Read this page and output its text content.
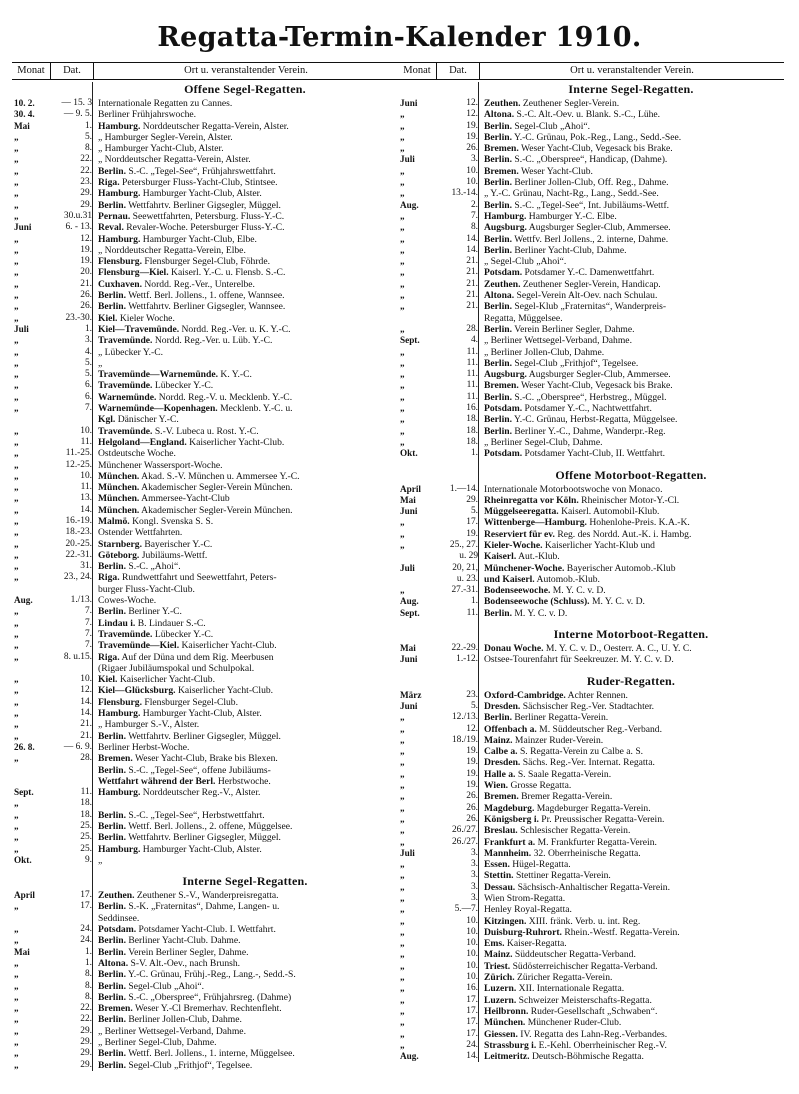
Regatta-Termin-Kalender 1910.
Monat	Dat.	Ort u. veranstaltender Verein.
Offene Segel-Regatten.
10. 2.	— 15. 3 Internationale Regatten zu Cannes.
30. 4.	— 9. 5. Berliner Frühjahrswoche.
Mai	1. Hamburg. Norddeutscher Regatta-Verein, Alster.
„	5. „ Hamburger Segler-Verein, Alster.
„	8. „ Hamburger Yacht-Club, Alster.
„	22. „ Norddeutscher Regatta-Verein, Alster.
„	22. Berlin. S.-C. „Tegel-See“, Frühjahrswettfahrt.
„	23. Riga. Petersburger Fluss-Yacht-Club, Stintsee.
„	29. Hamburg. Hamburger Yacht-Club, Alster.
„	29. Berlin. Wettfahrtv. Berliner Gigsegler, Müggel.
„	30.u.31 Pernau. Seewettfahrten, Petersburg. Fluss-Y.-C.
Juni	6. - 13. Reval. Revaler-Woche. Petersburger Fluss-Y.-C.
„	12. Hamburg. Hamburger Yacht-Club, Elbe.
„	19. „ Norddeutscher Regatta-Verein, Elbe.
„	19. Flensburg. Flensburger Segel-Club, Föhrde.
„	20. Flensburg—Kiel. Kaiserl. Y.-C. u. Flensb. S.-C.
„	21. Cuxhaven. Nordd. Reg.-Ver., Unterelbe.
„	26. Berlin. Wettf. Berl. Jollens., 1. offene, Wannsee.
„	26. Berlin. Wettfahrtv. Berliner Gigsegler, Wannsee.
„	23.-30. Kiel. Kieler Woche.
Juli	1. Kiel—Travemünde. Nordd. Reg.-Ver. u. K. Y.-C.
„	3. Travemünde. Nordd. Reg.-Ver. u. Lüb. Y.-C.
„	4. „ Lübecker Y.-C.
„	5. „
„	5. Travemünde—Warnemünde. K. Y.-C.
„	6. Travemünde. Lübecker Y.-C.
„	6. Warnemünde. Nordd. Reg.-V. u. Mecklenb. Y.-C.
„	7. Warnemünde—Kopenhagen. Mecklenb. Y.-C. u.
Kgl. Dänischer Y.-C.
„	10. Travemünde. S.-V. Lubeca u. Rost. Y.-C.
„	11. Helgoland—England. Kaiserlicher Yacht-Club.
„	11.-25. Ostdeutsche Woche.
„	12.-25. Münchener Wassersport-Woche.
„	10. München. Akad. S.-V. München u. Ammersee Y.-C.
„	11. München. Akademischer Segler-Verein München.
„	13. München. Ammersee-Yacht-Club
„	14. München. Akademischer Segler-Verein München.
„	16.-19. Malmö. Kongl. Svenska S. S.
„	18.-23. Ostender Wettfahrten.
„	20.-25. Starnberg. Bayerischer Y.-C.
„	22.-31. Göteborg. Jubiläums-Wettf.
„	31. Berlin. S.-C. „Ahoi“.
„	23., 24. Riga. Rundwettfahrt und Seewettfahrt, Peters-
burger Fluss-Yacht-Club.
Aug.	1./13. Cowes-Woche.
„	7. Berlin. Berliner Y.-C.
„	7. Lindau i. B. Lindauer S.-C.
„	7. Travemünde. Lübecker Y.-C.
„	7. Travemünde—Kiel. Kaiserlicher Yacht-Club.
„	8. u.15. Riga. Auf der Düna und dem Rig. Meerbusen
(Rigaer Jubiläumspokal und Schulpokal.
„	10. Kiel. Kaiserlicher Yacht-Club.
„	12. Kiel—Glücksburg. Kaiserlicher Yacht-Club.
„	14. Flensburg. Flensburger Segel-Club.
„	14. Hamburg. Hamburger Yacht-Club, Alster.
„	21. „ Hamburger S.-V., Alster.
„	21. Berlin. Wettfahrtv. Berliner Gigsegler, Müggel.
26. 8.	— 6. 9. Berliner Herbst-Woche.
„	28. Bremen. Weser Yacht-Club, Brake bis Blexen.
Berlin. S.-C. „Tegel-See“, offene Jubiläums-
Wettfahrt während der Berl. Herbstwoche.
Sept.	11. Hamburg. Norddeutscher Reg.-V., Alster.
„	18.
„	18. Berlin. S.-C. „Tegel-See“, Herbstwettfahrt.
„	25. Berlin. Wettf. Berl. Jollens., 2. offene, Müggelsee.
„	25. Berlin. Wettfahrtv. Berliner Gigsegler, Müggel.
„	25. Hamburg. Hamburger Yacht-Club, Alster.
Okt.	9. „
Interne Segel-Regatten.
April	17. Zeuthen. Zeuthener S.-V., Wanderpreisregatta.
„	17. Berlin. S.-K. „Fraternitas“, Dahme, Langen- u.
Seddinsee.
„	24. Potsdam. Potsdamer Yacht-Club. I. Wettfahrt.
„	24. Berlin. Berliner Yacht-Club. Dahme.
Mai	1. Berlin. Verein Berliner Segler, Dahme.
„	1. Altona. S-V. Alt.-Oev., nach Brunsh.
„	8. Berlin. Y.-C. Grünau, Frühj.-Reg., Lang.-, Sedd.-S.
„	8. Berlin. Segel-Club „Ahoi“.
„	8. Berlin. S.-C. „Oberspree“, Frühjahrsreg. (Dahme)
„	22. Bremen. Weser Y.-Cl Bremerhav. Rechtenfleht.
„	22. Berlin. Berliner Jollen-Club, Dahme.
„	29. „ Berliner Wettsegel-Verband, Dahme.
„	29. „ Berliner Segel-Club, Dahme.
„	29. Berlin. Wettf. Berl. Jollens., 1. interne, Müggelsee.
„	29. Berlin. Segel-Club „Frithjof“, Tegelsee.
Monat	Dat.	Ort u. veranstaltender Verein.
Interne Segel-Regatten.
Juni	12. Zeuthen. Zeuthener Segler-Verein.
„	12. Altona. S.-C. Alt.-Oev. u. Blank. S.-C., Lühe.
„	19. Berlin. Segel-Club „Ahoi“.
„	19. Berlin. Y.-C. Grünau, Pok.-Reg., Lang., Sedd.-See.
„	26. Bremen. Weser Yacht-Club, Vegesack bis Brake.
Juli	3. Berlin. S.-C. „Oberspree“, Handicap, (Dahme).
„	10. Bremen. Weser Yacht-Club.
„	10. Berlin. Berliner Jollen-Club, Off. Reg., Dahme.
„	13.-14. „ Y.-C. Grünau, Nacht-Rg., Lang., Sedd.-See.
Aug.	2. Berlin. S.-C. „Tegel-See“, Int. Jubiläums-Wettf.
„	7. Hamburg. Hamburger Y.-C. Elbe.
„	8. Augsburg. Augsburger Segler-Club, Ammersee.
„	14. Berlin. Wettfv. Berl Jollens., 2. interne, Dahme.
„	14. Berlin. Berliner Yacht-Club, Dahme.
„	21. „ Segel-Club „Ahoi“.
„	21. Potsdam. Potsdamer Y.-C. Damenwettfahrt.
„	21. Zeuthen. Zeuthener Segler-Verein, Handicap.
„	21. Altona. Segel-Verein Alt-Oev. nach Schulau.
„	21. Berlin. Segel-Klub „Fraternitas“, Wanderpreis-
Regatta, Müggelsee.
„	28. Berlin. Verein Berliner Segler, Dahme.
Sept.	4. „ Berliner Wettsegel-Verband, Dahme.
„	11. „ Berliner Jollen-Club, Dahme.
„	11. Berlin. Segel-Club „Frithjof“, Tegelsee.
„	11. Augsburg. Augsburger Segler-Club, Ammersee.
„	11. Bremen. Weser Yacht-Club, Vegesack bis Brake.
„	11. Berlin. S.-C. „Oberspree“, Herbstreg., Müggel.
„	16. Potsdam. Potsdamer Y.-C., Nachtwettfahrt.
„	18. Berlin. Y.-C. Grünau, Herbst-Regatta, Müggelsee.
„	18. Berlin. Berliner Y.-C., Dahme, Wanderpr.-Reg.
„	18. „ Berliner Segel-Club, Dahme.
Okt.	1. Potsdam. Potsdamer Yacht-Club, II. Wettfahrt.
Offene Motorboot-Regatten.
April	1.—14. Internationale Motorbootswoche von Monaco.
Mai	29. Rheinregatta vor Köln. Rheinischer Motor-Y.-Cl.
Juni	5. Müggelseeregatta. Kaiserl. Automobil-Klub.
„	17. Wittenberge—Hamburg. Hohenlohe-Preis. K.A.-K.
„	19. Reserviert für ev. Reg. des Nordd. Aut.-K. i. Hambg.
„	25., 27. Kieler-Woche. Kaiserlicher Yacht-Klub und
u. 29 Kaiserl. Aut.-Klub.
Juli	20, 21, Münchener-Woche. Bayerischer Automob.-Klub
u. 23. und Kaiserl. Automob.-Klub.
„	27.-31. Bodenseewoche. M. Y. C. v. D.
Aug.	1. Bodenseewoche (Schluss). M. Y. C. v. D.
Sept.	11. Berlin. M. Y. C. v. D.
Interne Motorboot-Regatten.
Mai	22.-29. Donau Woche. M. Y. C. v. D., Oesterr. A. C., U. Y. C.
Juni	1.-12. Ostsee-Tourenfahrt für Seekreuzer. M. Y. C. v. D.
Ruder-Regatten.
März	23. Oxford-Cambridge. Achter Rennen.
Juni	5. Dresden. Sächsischer Reg.-Ver. Stadtachter.
„	12./13. Berlin. Berliner Regatta-Verein.
„	12. Offenbach a. M. Süddeutscher Reg.-Verband.
„	18./19. Mainz. Mainzer Ruder-Verein.
„	19. Calbe a. S. Regatta-Verein zu Calbe a. S.
„	19. Dresden. Sächs. Reg.-Ver. Internat. Regatta.
„	19. Halle a. S. Saale Regatta-Verein.
„	19. Wien. Grosse Regatta.
„	26. Bremen. Bremer Regatta-Verein.
„	26. Magdeburg. Magdeburger Regatta-Verein.
„	26. Königsberg i. Pr. Preussischer Regatta-Verein.
„	26./27. Breslau. Schlesischer Regatta-Verein.
„	26./27. Frankfurt a. M. Frankfurter Regatta-Verein.
Juli	3. Mannheim. 32. Oberrheinische Regatta.
„	3. Essen. Hügel-Regatta.
„	3. Stettin. Stettiner Regatta-Verein.
„	3. Dessau. Sächsisch-Anhaltischer Regatta-Verein.
„	3. Wien Strom-Regatta.
„	5.—7. Henley Royal-Regatta.
„	10. Kitzingen. XIII. fränk. Verb. u. int. Reg.
„	10. Duisburg-Ruhrort. Rhein.-Westf. Regatta-Verein.
„	10. Ems. Kaiser-Regatta.
„	10. Mainz. Süddeutscher Regatta-Verband.
„	10. Triest. Südösterreichischer Regatta-Verband.
„	10. Zürich. Züricher Regatta-Verein.
„	16. Luzern. XII. Internationale Regatta.
„	17. Luzern. Schweizer Meisterschafts-Regatta.
„	17. Heilbronn. Ruder-Gesellschaft „Schwaben“.
„	17. München. Münchener Ruder-Club.
„	17. Giessen. IV. Regatta des Lahn-Reg.-Verbandes.
„	24. Strassburg i. E.-Kehl. Oberrheinischer Reg.-V.
Aug.	14. Leitmeritz. Deutsch-Böhmische Regatta.
